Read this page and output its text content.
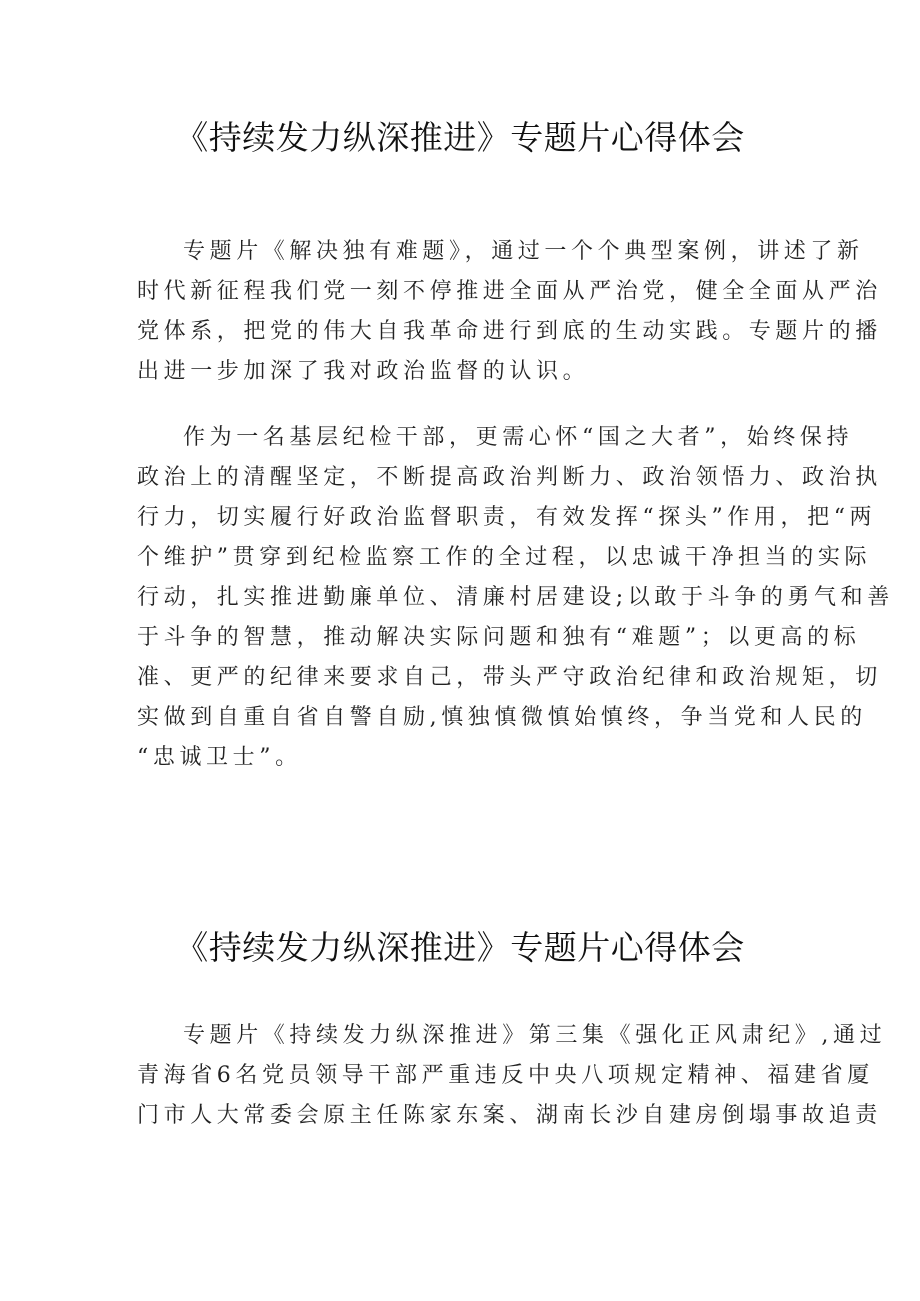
《持续发力纵深推进》专题片心得体会
专题片《解决独有难题》，通过一个个典型案例，讲述了新
时代新征程我们党一刻不停推进全面从严治党，健全全面从严治
党体系，把党的伟大自我革命进行到底的生动实践。专题片的播
出进一步加深了我对政治监督的认识。
作为一名基层纪检干部，更需心怀“国之大者”，始终保持
政治上的清醒坚定，不断提高政治判断力、政治领悟力、政治执
行力，切实履行好政治监督职责，有效发挥“探头”作用，把“两
个维护”贯穿到纪检监察工作的全过程，以忠诚干净担当的实际
行动，扎实推进勤廉单位、清廉村居建设;以敢于斗争的勇气和善
于斗争的智慧，推动解决实际问题和独有“难题”；以更高的标
准、更严的纪律来要求自己，带头严守政治纪律和政治规矩，切
实做到自重自省自警自励,慎独慎微慎始慎终，争当党和人民的
“忠诚卫士”。
《持续发力纵深推进》专题片心得体会
专题片《持续发力纵深推进》第三集《强化正风肃纪》,通过
青海省6名党员领导干部严重违反中央八项规定精神、福建省厦
门市人大常委会原主任陈家东案、湖南长沙自建房倒塌事故追责
